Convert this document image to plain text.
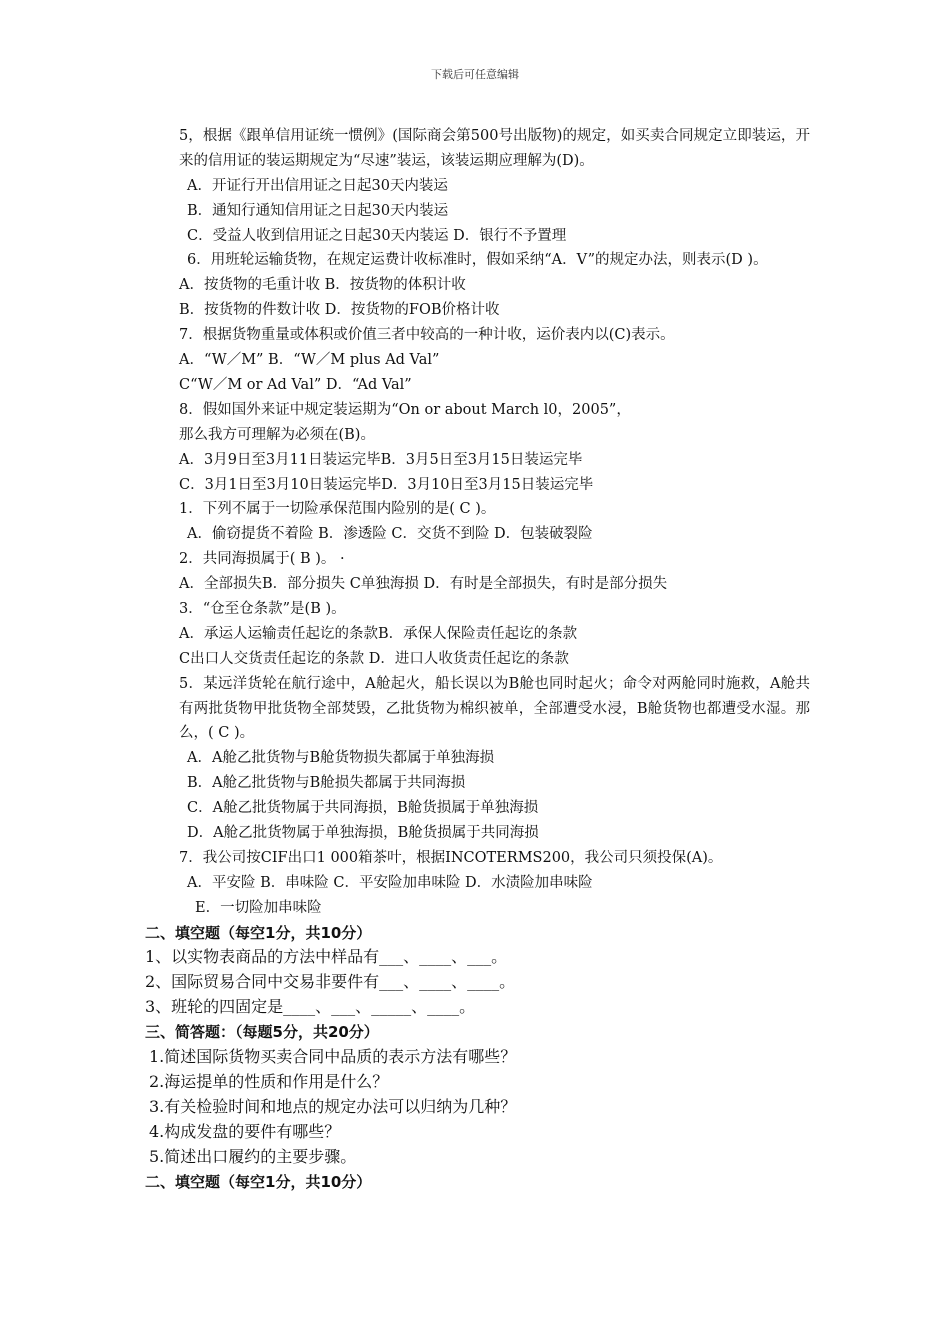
下载后可任意编辑
5，根据《跟单信用证统一惯例》(国际商会第500号出版物)的规定，如买卖合同规定立即装运，开来的信用证的装运期规定为“尽速”装运，该装运期应理解为(D)。
A．开证行开出信用证之日起30天内装运
B．通知行通知信用证之日起30天内装运
C．受益人收到信用证之日起30天内装运 D．银行不予置理
6．用班轮运输货物，在规定运费计收标准时，假如采纳“A．V”的规定办法，则表示(D )。
A．按货物的毛重计收 B．按货物的体积计收
B．按货物的件数计收 D．按货物的FOB价格计收
7．根据货物重量或体积或价值三者中较高的一种计收，运价表内以(C)表示。
A．“W／M” B．“W／M plus Ad Val”
C“W／M or Ad Val” D．“Ad Val”
8．假如国外来证中规定装运期为“On or about March l0，2005”，
那么我方可理解为必须在(B)。
A．3月9日至3月11日装运完毕B．3月5日至3月15日装运完毕
C．3月1日至3月10日装运完毕D．3月10日至3月15日装运完毕
1．下列不属于一切险承保范围内险别的是( C )。
A．偷窃提货不着险 B．渗透险 C．交货不到险 D．包装破裂险
2．共同海损属于( B )。 ·
A．全部损失B．部分损失 C单独海损 D．有时是全部损失，有时是部分损失
3．“仓至仓条款”是(B )。
A．承运人运输责任起讫的条款B．承保人保险责任起讫的条款
C出口人交货责任起讫的条款 D．进口人收货责任起讫的条款
5．某远洋货轮在航行途中，A舱起火，船长误以为B舱也同时起火；命令对两舱同时施救，A舱共有两批货物甲批货物全部焚毁，乙批货物为棉织被单，全部遭受水浸，B舱货物也都遭受水湿。那么，( C )。
A．A舱乙批货物与B舱货物损失都属于单独海损
B．A舱乙批货物与B舱损失都属于共同海损
C．A舱乙批货物属于共同海损，B舱货损属于单独海损
D．A舱乙批货物属于单独海损，B舱货损属于共同海损
7．我公司按CIF出口1 000箱茶叶，根据INCOTERMS200，我公司只须投保(A)。
A．平安险 B．串味险 C．平安险加串味险 D．水渍险加串味险
E．一切险加串味险
二、填空题（每空1分，共10分）
1、以实物表商品的方法中样品有___、____、___。
2、国际贸易合同中交易非要件有___、____、____。
3、班轮的四固定是____、___、_____、____。
三、简答题：（每题5分，共20分）
1.简述国际货物买卖合同中品质的表示方法有哪些？
2.海运提单的性质和作用是什么？
3.有关检验时间和地点的规定办法可以归纳为几种？
4.构成发盘的要件有哪些？
5.简述出口履约的主要步骤。
二、填空题（每空1分，共10分）
